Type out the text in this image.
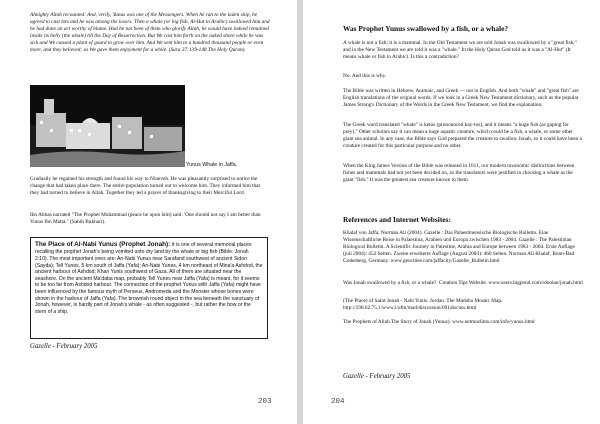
Almighty Allah recounted: And, verily, Yunus was one of the Messengers. When he ran to the laden ship, he agreed to cast lots and he was among the losers. Then a whale (or big fish, Al-Hut in Arabic) swallowed him and he had done an act worthy of blame. Had he not been of them who glorify Allah, he would have indeed remained inside its belly (the whale) till the Day of Resurrection. But We cast him forth on the naked shore while he was sick and We caused a plant of gourd to grow over him. And We sent him to a hundred thousand people or even more, and they believed; so We gave them enjoyment for a while. (Sura 37:139-148 The Holy Quran).

Yunus Whale in Jaffa.

Gradually he regained his strength and found his way to Nineveh. He was pleasantly surprised to notice the change that had taken place there. The entire population turned out to welcome him. They informed him that they had turned to believe in Allah. Together they led a prayer of thanksgiving to their Merciful Lord.

Ibn Abbas narrated "The Prophet Muhammad (peace be upon him) said: 'One should not say I am better than Yunus Ibn Matta." (Sahih Bukhari).

The Place of Al-Nabi Yunus (Prophet Jonah): It is one of several memorial places recalling the prophet Jonah's being vomited unto dry land by the whale or big fish (Bible: Jonah 2:10). The most important ones are: An-Nabi Yunus near Sarafand southwest of ancient Sidon (Sayda); Tell Yunes, 5 km south of Jaffa (Yafa); An-Nabi Yunes, 4 km northeast of Mina'a Ashdod, the ancient harbour of Ashdod; Khan Yunis southwest of Gaza. All of them are situated near the seashore. On the ancient Ma'daba map, probably Tell Yunes near Jaffa (Yafa) is meant, for it seems to be too far from Ashdod harbour. The connection of the prophet Yunus with Jaffa (Yafa) might have been influenced by the famous myth of Perseus, Andromeda and the Monster whose bones were shown in the harbour of Jaffa (Yafa). The brownish round object in the sea beneath the sanctuary of Jonah, however, is hardly part of Jonah's whale - as often suggested -, but rather the bow or the stern of a ship.
Gazelle - February 2005
203
Was Prophet Yunus swallowed by a fish, or a whale?

A whale is not a fish; it is a mammal. In the Old Testament we are told Jonah was swallowed by a "great fish," and in the New Testament we are told it was a "whale." In the Holy Quran God told us it was a "Al-Hut" (It means whale or fish in Arabic). Is this a contradiction?

No. And this is why.

The Bible was written in Hebrew, Aramaic, and Greek — not in English. And both "whale" and "great fish" are English translations of the original words. If we look in a Greek New Testament dictionary, such as the popular James Strong's Dictionary of the Words in the Greek New Testament, we find the explanation.

The Greek word translated "whale" is ketos (pronounced kay-tos), and it means "a huge fish (as gaping for prey)." Other scholars say it can mean a huge aquatic creature, which could be a fish, a whale, or some other giant sea animal. In any case, the Bible says God prepared the creature to swallow Jonah, so it could have been a creature created for this particular purpose and no other.

When the King James Version of the Bible was released in 1611, our modern taxonomic distinctions between fishes and mammals had not yet been decided on, so the translators were justified in choosing a whale as the giant "fish." It was the greatest sea creature known to them.

References and Internet Websites:

Khalaf von Jaffa, Norman Ali (2004). Gazelle : Das Palaestinensische Biologische Bulletin. Eine Wissenschaftliche Reise in Palaestina, Arabien und Europa zwischen 1983 - 2004. Gazelle : The Palestinian Biological Bulletin. A Scientific Journey in Palestine, Arabia and Europe between 1983 - 2004. Erste Auflage (juli 2004): 452 Seiten. Zweite erweiterte Auflage (August 2004): 460 Seiten. Norman Ali Khalaf, Bonn-Bad Godesberg, Germany. www.geocities.com/jaffacity/Gazelle_Bulletin.html

Was Jonah swallowed by a fish, or a whale?. Creation Tips Website. www.users.bigpond.com/rdoolan/jonah.html

(The Place) of Saint Jonah - Nabi Yunis. Jordan. The Madaba Mosaic Map. http://198.62.75.1/www1/ofm/mad/discussion/091discuss.html

The Prophets of Allah.The Story of Jonah (Yunus). www.netmuslims.com/info/yunus.html

Gazelle - February 2005
204
